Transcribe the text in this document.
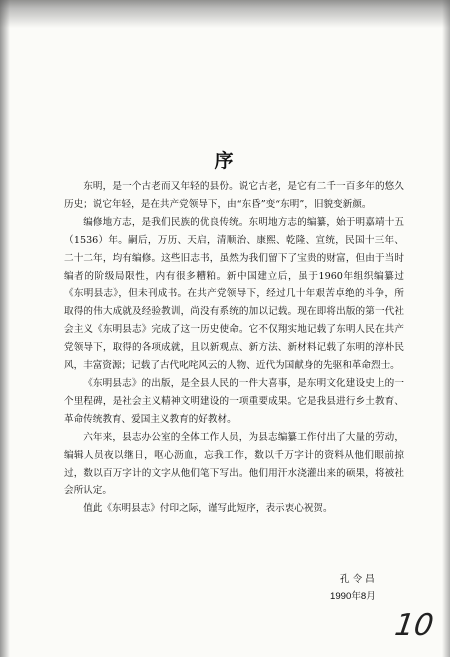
序

东明，是一个古老而又年轻的县份。说它古老，是它有二千一百多年的悠久历史；说它年轻，是在共产党领导下，由“东昏”变“东明”，旧貌变新颜。

编修地方志，是我们民族的优良传统。东明地方志的编纂，始于明嘉靖十五（1536）年。嗣后，万历、天启，清顺治、康熙、乾隆、宣统，民国十三年、二十二年，均有编修。这些旧志书，虽然为我们留下了宝贵的财富，但由于当时编者的阶级局限性，内有很多糟粕。新中国建立后，虽于1960年组织编纂过《东明县志》，但未刊成书。在共产党领导下，经过几十年艰苦卓绝的斗争，所取得的伟大成就及经验教训，尚没有系统的加以记载。现在即将出版的第一代社会主义《东明县志》完成了这一历史使命。它不仅翔实地记载了东明人民在共产党领导下，取得的各项成就，且以新观点、新方法、新材料记载了东明的淳朴民风，丰富资源；记载了古代叱咤风云的人物、近代为国献身的先驱和革命烈士。

《东明县志》的出版，是全县人民的一件大喜事，是东明文化建设史上的一个里程碑，是社会主义精神文明建设的一项重要成果。它是我县进行乡土教育、革命传统教育、爱国主义教育的好教材。

六年来，县志办公室的全体工作人员，为县志编纂工作付出了大量的劳动，编辑人员夜以继日，呕心沥血，忘我工作，数以千万字计的资料从他们眼前掠过，数以百万字计的文字从他们笔下写出。他们用汗水浇灌出来的硕果，将被社会所认定。

值此《东明县志》付印之际，谨写此短序，表示衷心祝贺。

孔令昌
1990年8月
10
